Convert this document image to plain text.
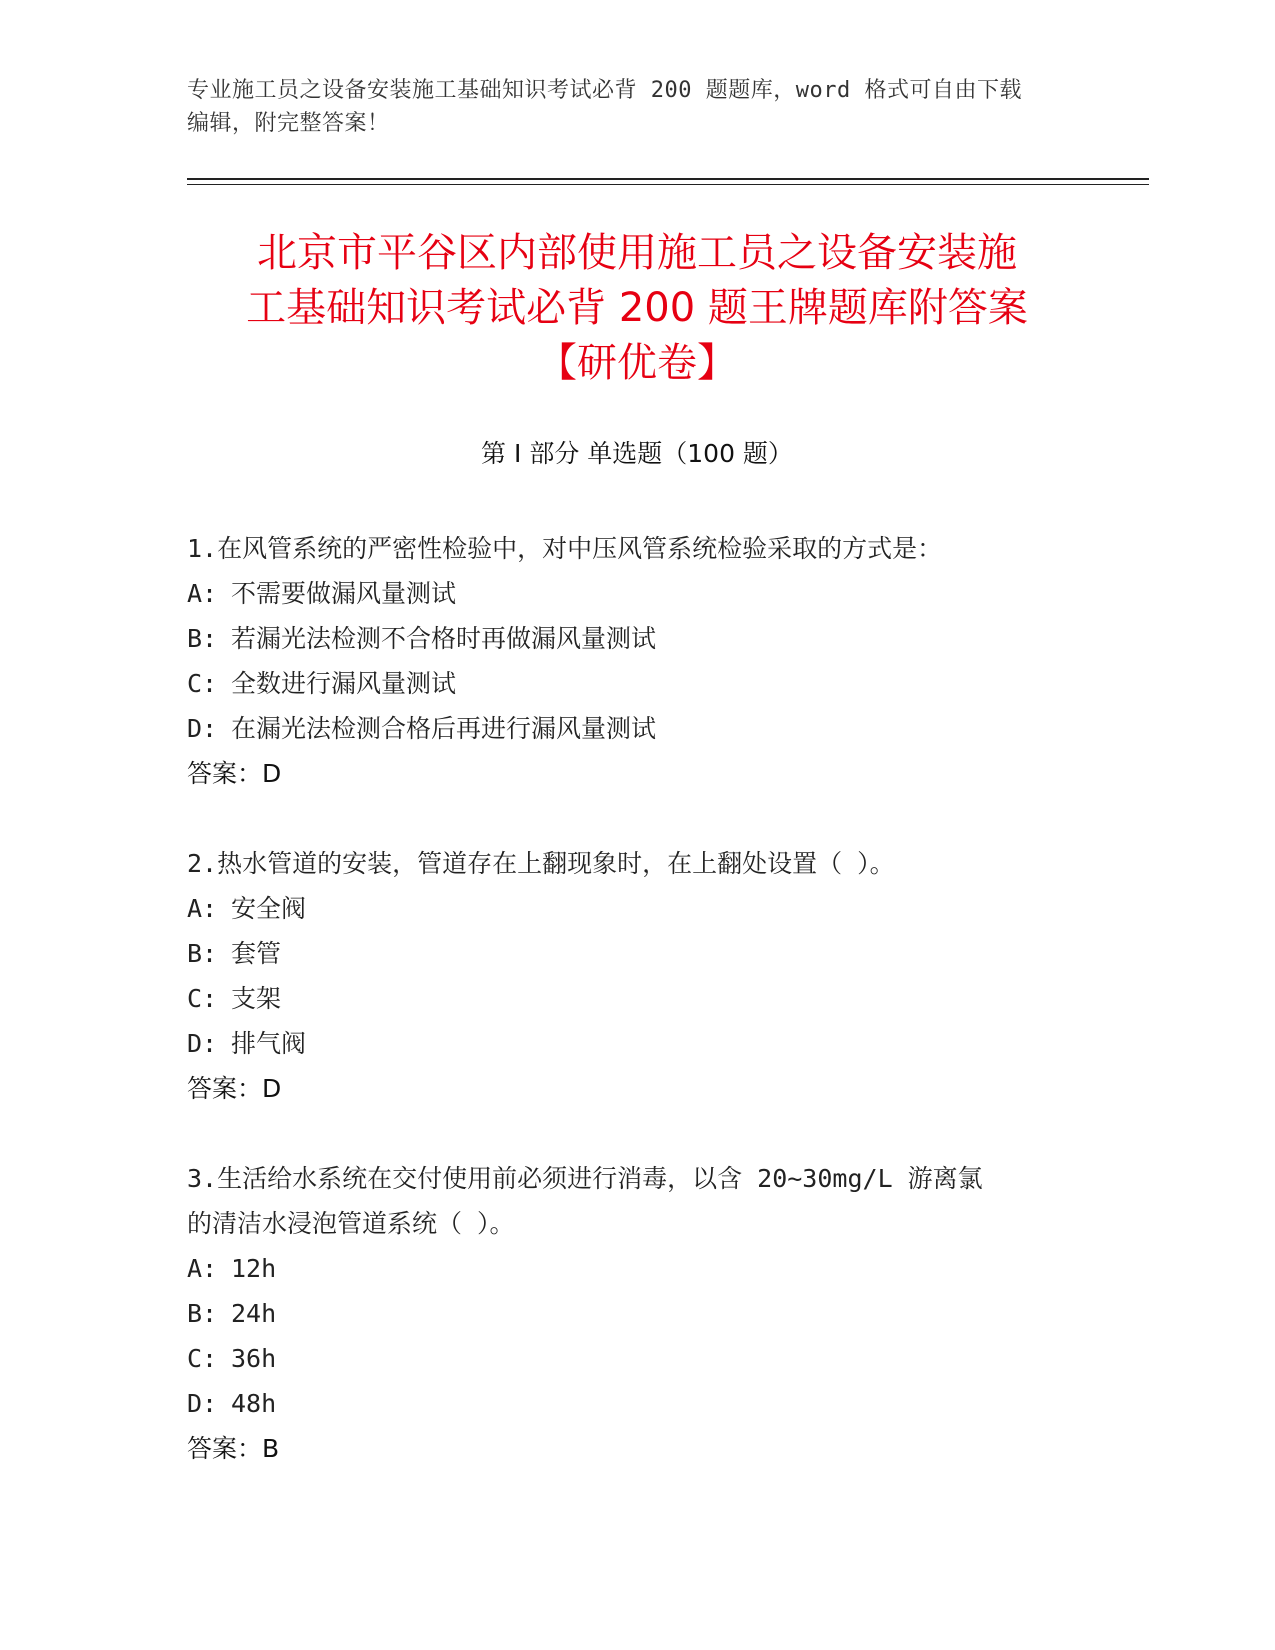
专业施工员之设备安装施工基础知识考试必背 200 题题库，word 格式可自由下载
编辑，附完整答案！
北京市平谷区内部使用施工员之设备安装施
工基础知识考试必背 200 题王牌题库附答案
【研优卷】
第 I 部分 单选题（100 题）
1.在风管系统的严密性检验中，对中压风管系统检验采取的方式是：
A: 不需要做漏风量测试
B: 若漏光法检测不合格时再做漏风量测试
C: 全数进行漏风量测试
D: 在漏光法检测合格后再进行漏风量测试
答案：D
2.热水管道的安装，管道存在上翻现象时，在上翻处设置（ ）。
A: 安全阀
B: 套管
C: 支架
D: 排气阀
答案：D
3.生活给水系统在交付使用前必须进行消毒，以含 20~30mg/L 游离氯
的清洁水浸泡管道系统（ ）。
A: 12h
B: 24h
C: 36h
D: 48h
答案：B
